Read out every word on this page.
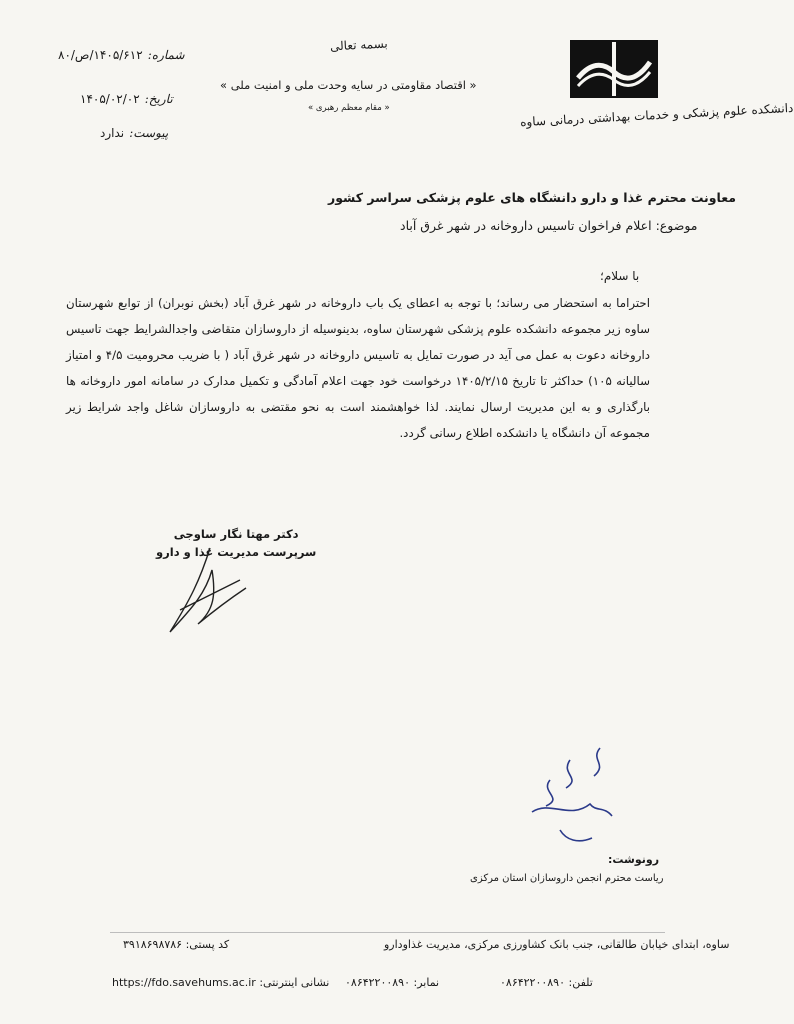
دانشکده علوم پزشکی و خدمات بهداشتی درمانی ساوه
بسمه تعالی
« اقتصاد مقاومتی در سایه وحدت ملی و امنیت ملی »
« مقام معظم رهبری »
شماره: ۱۴۰۵/۶۱۲/ص/۸۰
تاریخ: ۱۴۰۵/۰۲/۰۲
پیوست: ندارد
معاونت محترم غذا و دارو دانشگاه های علوم پزشکی سراسر کشور
موضوع: اعلام فراخوان تاسیس داروخانه در شهر غرق آباد
با سلام؛
احتراما به استحضار می رساند؛ با توجه به اعطای یک باب داروخانه در شهر غرق آباد (بخش نوبران) از توابع شهرستان ساوه زیر مجموعه دانشکده علوم پزشکی شهرستان ساوه، بدینوسیله از داروسازان متقاضی واجدالشرایط جهت تاسیس داروخانه دعوت به عمل می آید در صورت تمایل به تاسیس داروخانه در شهر غرق آباد ( با ضریب محرومیت ۴/۵ و امتیاز سالیانه ۱۰۵) حداکثر تا تاریخ ۱۴۰۵/۲/۱۵ درخواست خود جهت اعلام آمادگی و تکمیل مدارک در سامانه امور داروخانه ها بارگذاری و به این مدیریت ارسال نمایند. لذا خواهشمند است به نحو مقتضی به داروسازان شاغل واجد شرایط زیر مجموعه آن دانشگاه یا دانشکده اطلاع رسانی گردد.
دکتر مهتا نگار ساوجی
سرپرست مدیریت غذا و دارو
رونوشت:
ریاست محترم انجمن داروسازان استان مرکزی
ساوه، ابتدای خیابان طالقانی، جنب بانک کشاورزی مرکزی، مدیریت غذاودارو
کد پستی: ۳۹۱۸۶۹۸۷۸۶
تلفن: ۰۸۶۴۲۲۰۰۸۹۰
نمابر: ۰۸۶۴۲۲۰۰۸۹۰
نشانی اینترنتی: https://fdo.savehums.ac.ir
